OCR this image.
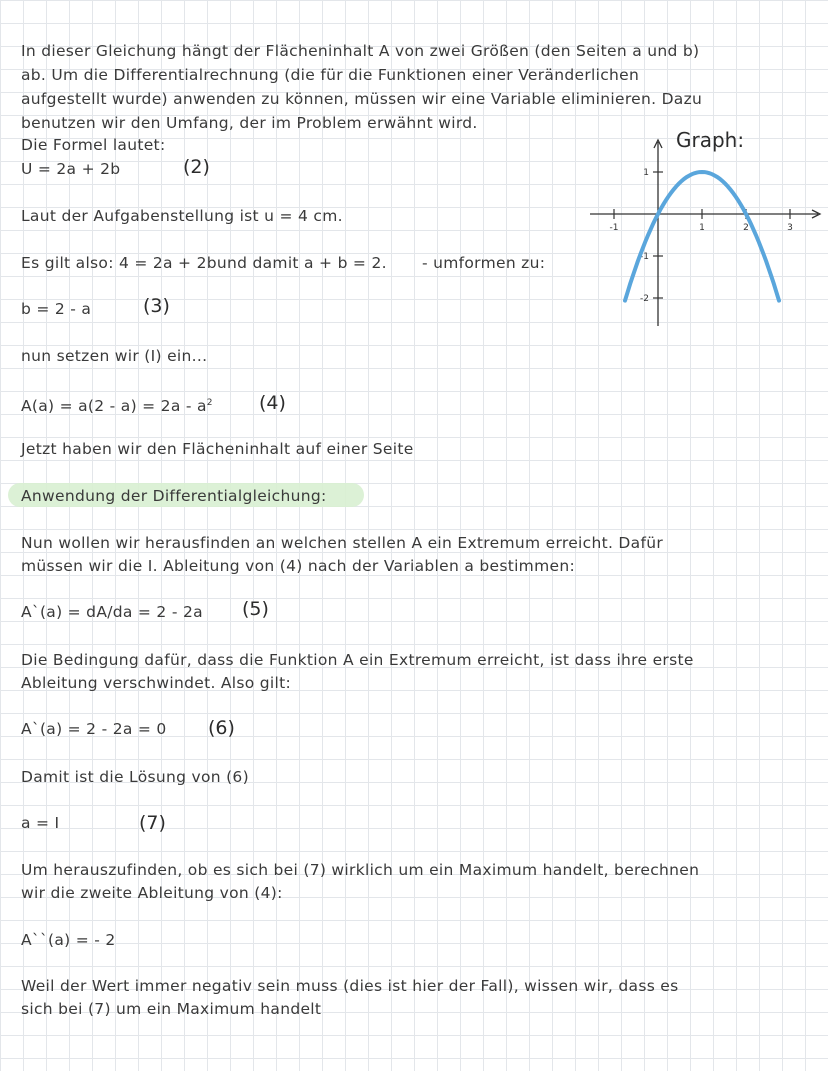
In dieser Gleichung hängt der Flächeninhalt A von zwei Größen (den Seiten a und b)

ab. Um die Differentialrechnung (die für die Funktionen einer Veränderlichen

aufgestellt wurde) anwenden zu können, müssen wir eine Variable eliminieren. Dazu

benutzen wir den Umfang, der im Problem erwähnt wird.

Die Formel lautet:

U = 2a + 2b	(2)

Laut der Aufgabenstellung ist u = 4 cm.

Es gilt also: 4 = 2a + 2bund damit a + b = 2. - umformen zu:

b = 2 - a	(3)

nun setzen wir (I) ein...

$A(a) = a(2 - a) = 2a - a^2$ (4)

Jetzt haben wir den Flächeninhalt auf einer Seite

Anwendung der Differentialgleichung:

Nun wollen wir herausfinden an welchen stellen A ein Extremum erreicht. Dafür

müssen wir die I. Ableitung von (4) nach der Variablen a bestimmen:

A`(a) = dA/da = 2 - 2a (5)

Die Bedingung dafür, dass die Funktion A ein Extremum erreicht, ist dass ihre erste

Ableitung verschwindet. Also gilt:

A`(a) = 2 - 2a = 0 (6)

Damit ist die Lösung von (6)

a = I	(7)

Um herauszufinden, ob es sich bei (7) wirklich um ein Maximum handelt, berechnen

wir die zweite Ableitung von (4):

A``(a) = - 2

Weil der Wert immer negativ sein muss (dies ist hier der Fall), wissen wir, dass es

sich bei (7) um ein Maximum handelt

Graph:
-1	1	2	3
1
-1
-2
